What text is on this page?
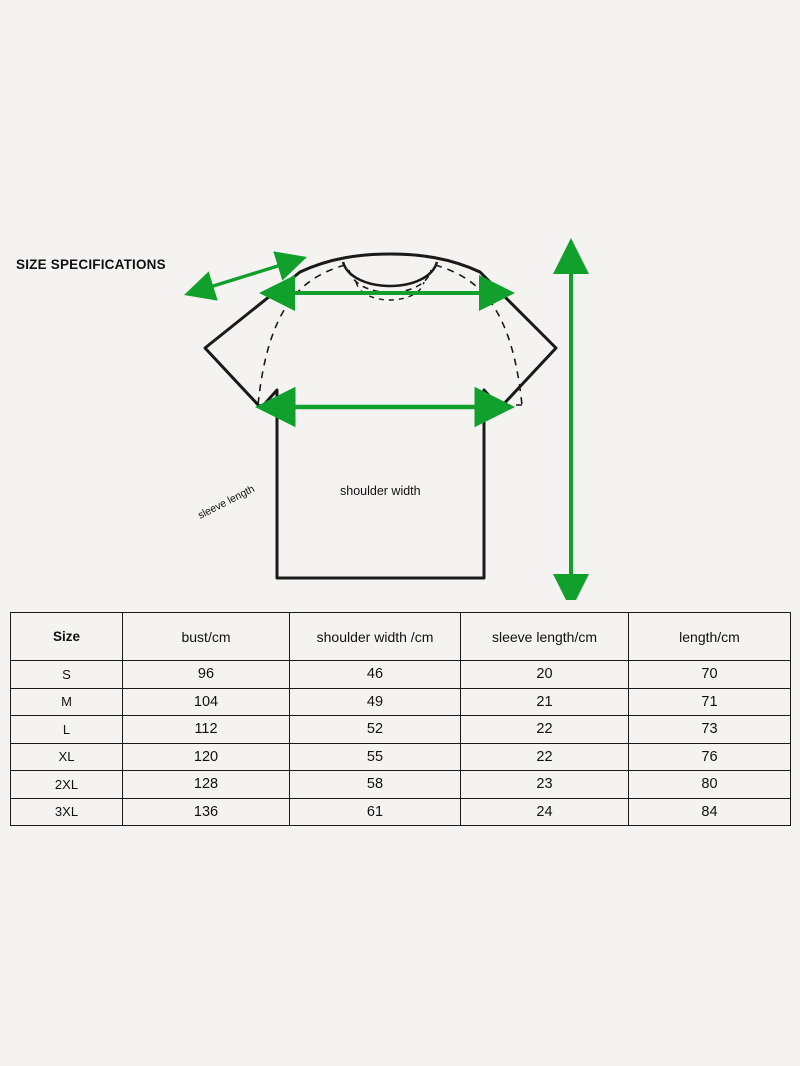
SIZE SPECIFICATIONS
shoulder width
sleeve length
Size	bust/cm	shoulder width /cm	sleeve length/cm	length/cm
S	96	46	20	70
M	104	49	21	71
L	112	52	22	73
XL	120	55	22	76
2XL	128	58	23	80
3XL	136	61	24	84
